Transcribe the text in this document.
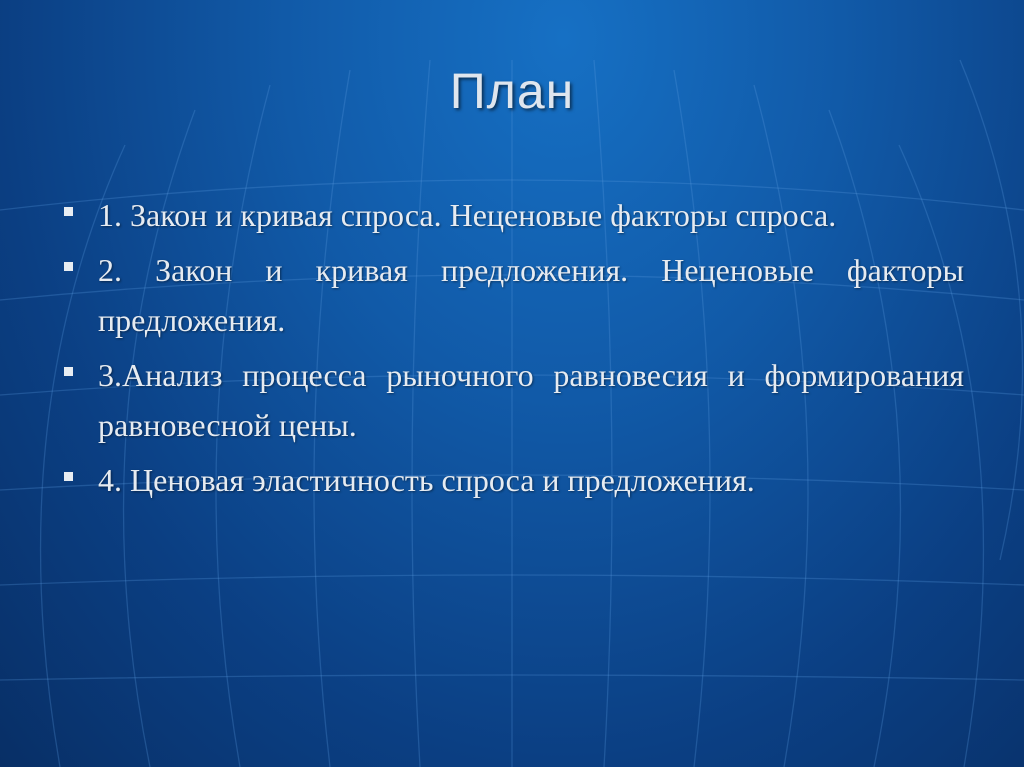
План
1. Закон и кривая спроса. Неценовые факторы спроса.
2. Закон и кривая предложения. Неценовые факторы предложения.
3.Анализ процесса рыночного равновесия и формирования равновесной цены.
4. Ценовая эластичность спроса и предложения.
